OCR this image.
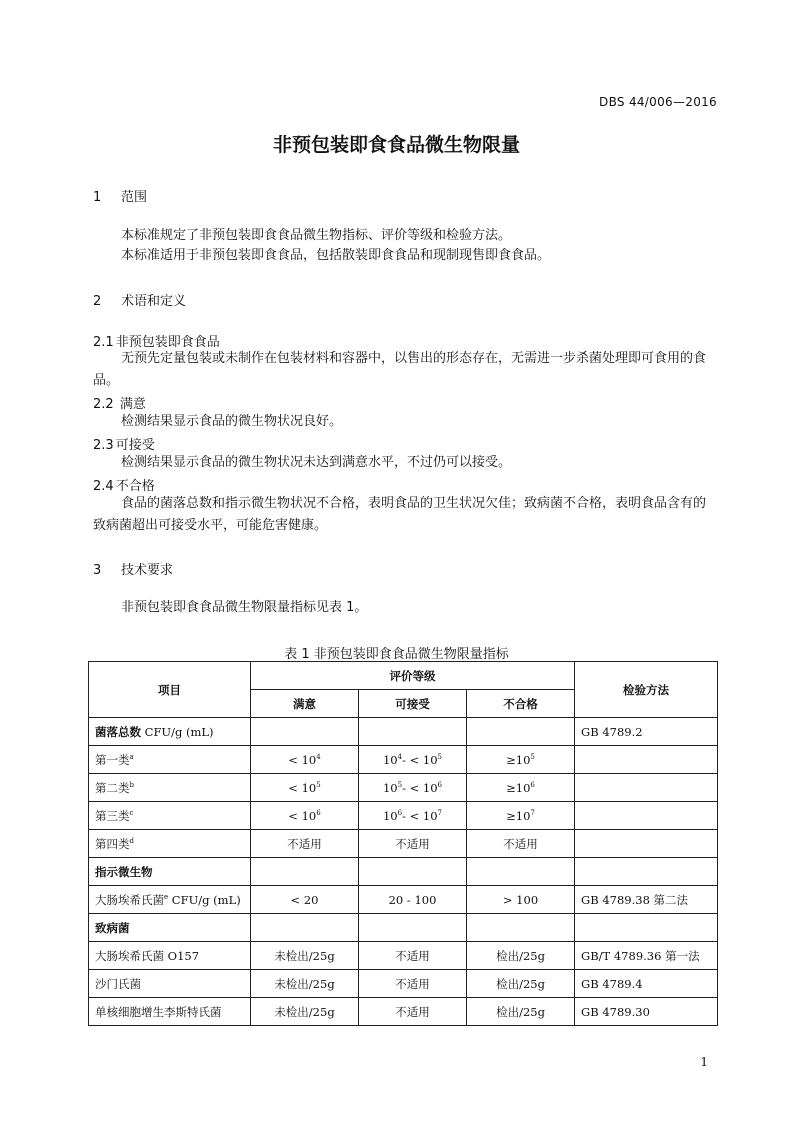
DBS 44/006—2016
非预包装即食食品微生物限量
1 范围

本标准规定了非预包装即食食品微生物指标、评价等级和检验方法。

本标准适用于非预包装即食食品，包括散装即食食品和现制现售即食食品。

2 术语和定义
2.1 非预包装即食食品

无预先定量包装或未制作在包装材料和容器中，以售出的形态存在，无需进一步杀菌处理即可食用的食品。

2.2 满意

检测结果显示食品的微生物状况良好。

2.3 可接受

检测结果显示食品的微生物状况未达到满意水平，不过仍可以接受。

2.4 不合格

食品的菌落总数和指示微生物状况不合格，表明食品的卫生状况欠佳；致病菌不合格，表明食品含有的致病菌超出可接受水平，可能危害健康。

3 技术要求

非预包装即食食品微生物限量指标见表 1。

表 1 非预包装即食食品微生物限量指标
项目	评价等级			检验方法
	满意	可接受	不合格	
菌落总数 CFU/g (mL)				GB 4789.2
第一类$^a$	< $10^4$	$10^4- < 10^5$	$\ge 10^5$	
第二类$^b$	< $10^5$	$10^5- < 10^6$	$\ge 10^6$	
第三类$^c$	< $10^6$	$10^6- < 10^7$	$\ge 10^7$	
第四类$^d$	不适用	不适用	不适用	
指示微生物				
大肠埃希氏菌$^e$ CFU/g (mL)	< 20	20 - 100	> 100	GB 4789.38 第二法
致病菌				
大肠埃希氏菌 O157	未检出/25g	不适用	检出/25g	GB/T 4789.36 第一法
沙门氏菌	未检出/25g	不适用	检出/25g	GB 4789.4
单核细胞增生李斯特氏菌	未检出/25g	不适用	检出/25g	GB 4789.30
1
